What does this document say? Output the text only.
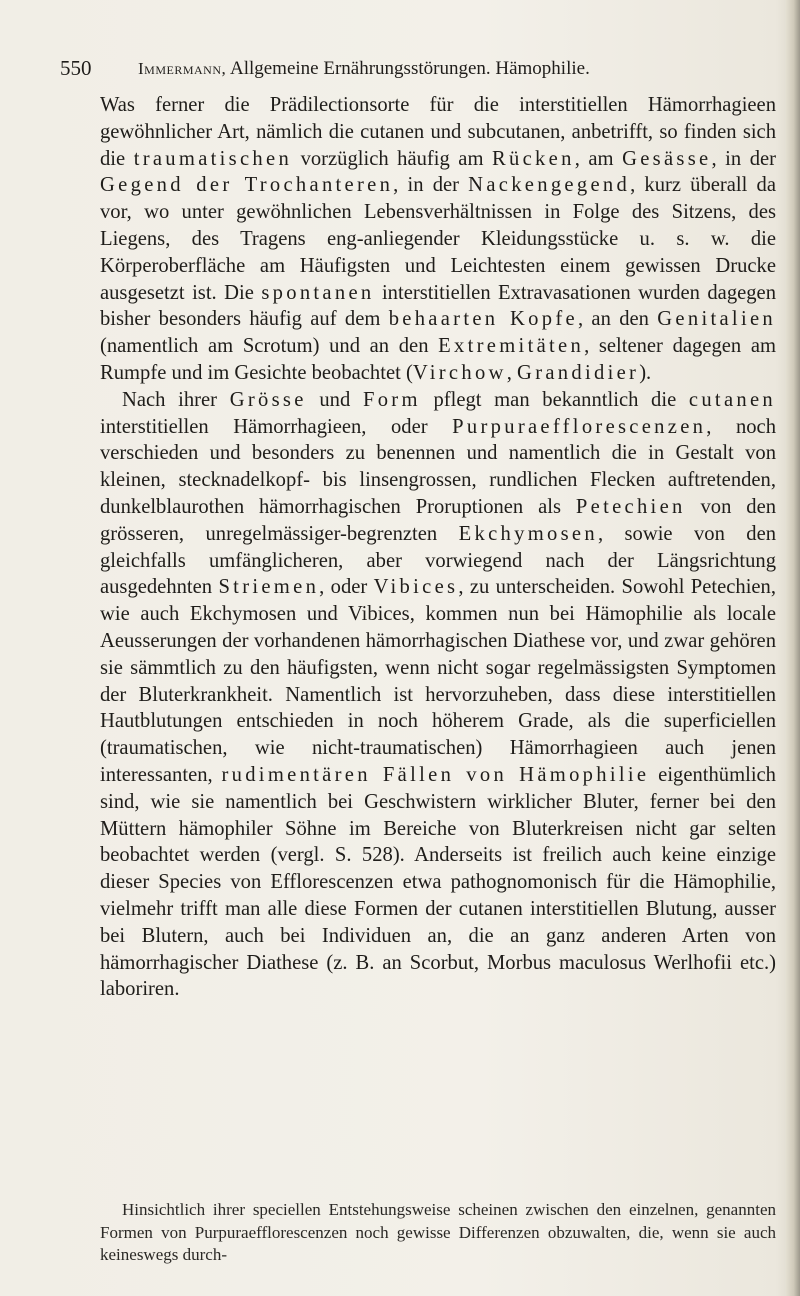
550	Immermann, Allgemeine Ernährungsstörungen. Hämophilie.

Was ferner die Prädilectionsorte für die interstitiellen Hämorrhagieen gewöhnlicher Art, nämlich die cutanen und subcutanen, anbetrifft, so finden sich die traumatischen vorzüglich häufig am Rücken, am Gesässe, in der Gegend der Trochanteren, in der Nackengegend, kurz überall da vor, wo unter gewöhnlichen Lebensverhältnissen in Folge des Sitzens, des Liegens, des Tragens eng-anliegender Kleidungsstücke u. s. w. die Körperoberfläche am Häufigsten und Leichtesten einem gewissen Drucke ausgesetzt ist. Die spontanen interstitiellen Extravasationen wurden dagegen bisher besonders häufig auf dem behaarten Kopfe, an den Genitalien (namentlich am Scrotum) und an den Extremitäten, seltener dagegen am Rumpfe und im Gesichte beobachtet (Virchow, Grandidier).

Nach ihrer Grösse und Form pflegt man bekanntlich die cutanen interstitiellen Hämorrhagieen, oder Purpuraefflorescenzen, noch verschieden und besonders zu benennen und namentlich die in Gestalt von kleinen, stecknadelkopf- bis linsengrossen, rundlichen Flecken auftretenden, dunkelblaurothen hämorrhagischen Proruptionen als Petechien von den grösseren, unregelmässiger-begrenzten Ekchymosen, sowie von den gleichfalls umfänglicheren, aber vorwiegend nach der Längsrichtung ausgedehnten Striemen, oder Vibices, zu unterscheiden. Sowohl Petechien, wie auch Ekchymosen und Vibices, kommen nun bei Hämophilie als locale Aeusserungen der vorhandenen hämorrhagischen Diathese vor, und zwar gehören sie sämmtlich zu den häufigsten, wenn nicht sogar regelmässigsten Symptomen der Bluterkrankheit. Namentlich ist hervorzuheben, dass diese interstitiellen Hautblutungen entschieden in noch höherem Grade, als die superficiellen (traumatischen, wie nicht-traumatischen) Hämorrhagieen auch jenen interessanten, rudimentären Fällen von Hämophilie eigenthümlich sind, wie sie namentlich bei Geschwistern wirklicher Bluter, ferner bei den Müttern hämophiler Söhne im Bereiche von Bluterkreisen nicht gar selten beobachtet werden (vergl. S. 528). Anderseits ist freilich auch keine einzige dieser Species von Efflorescenzen etwa pathognomonisch für die Hämophilie, vielmehr trifft man alle diese Formen der cutanen interstitiellen Blutung, ausser bei Blutern, auch bei Individuen an, die an ganz anderen Arten von hämorrhagischer Diathese (z. B. an Scorbut, Morbus maculosus Werlhofii etc.) laboriren.

Hinsichtlich ihrer speciellen Entstehungsweise scheinen zwischen den einzelnen, genannten Formen von Purpuraefflorescenzen noch gewisse Differenzen obzuwalten, die, wenn sie auch keineswegs durch-
